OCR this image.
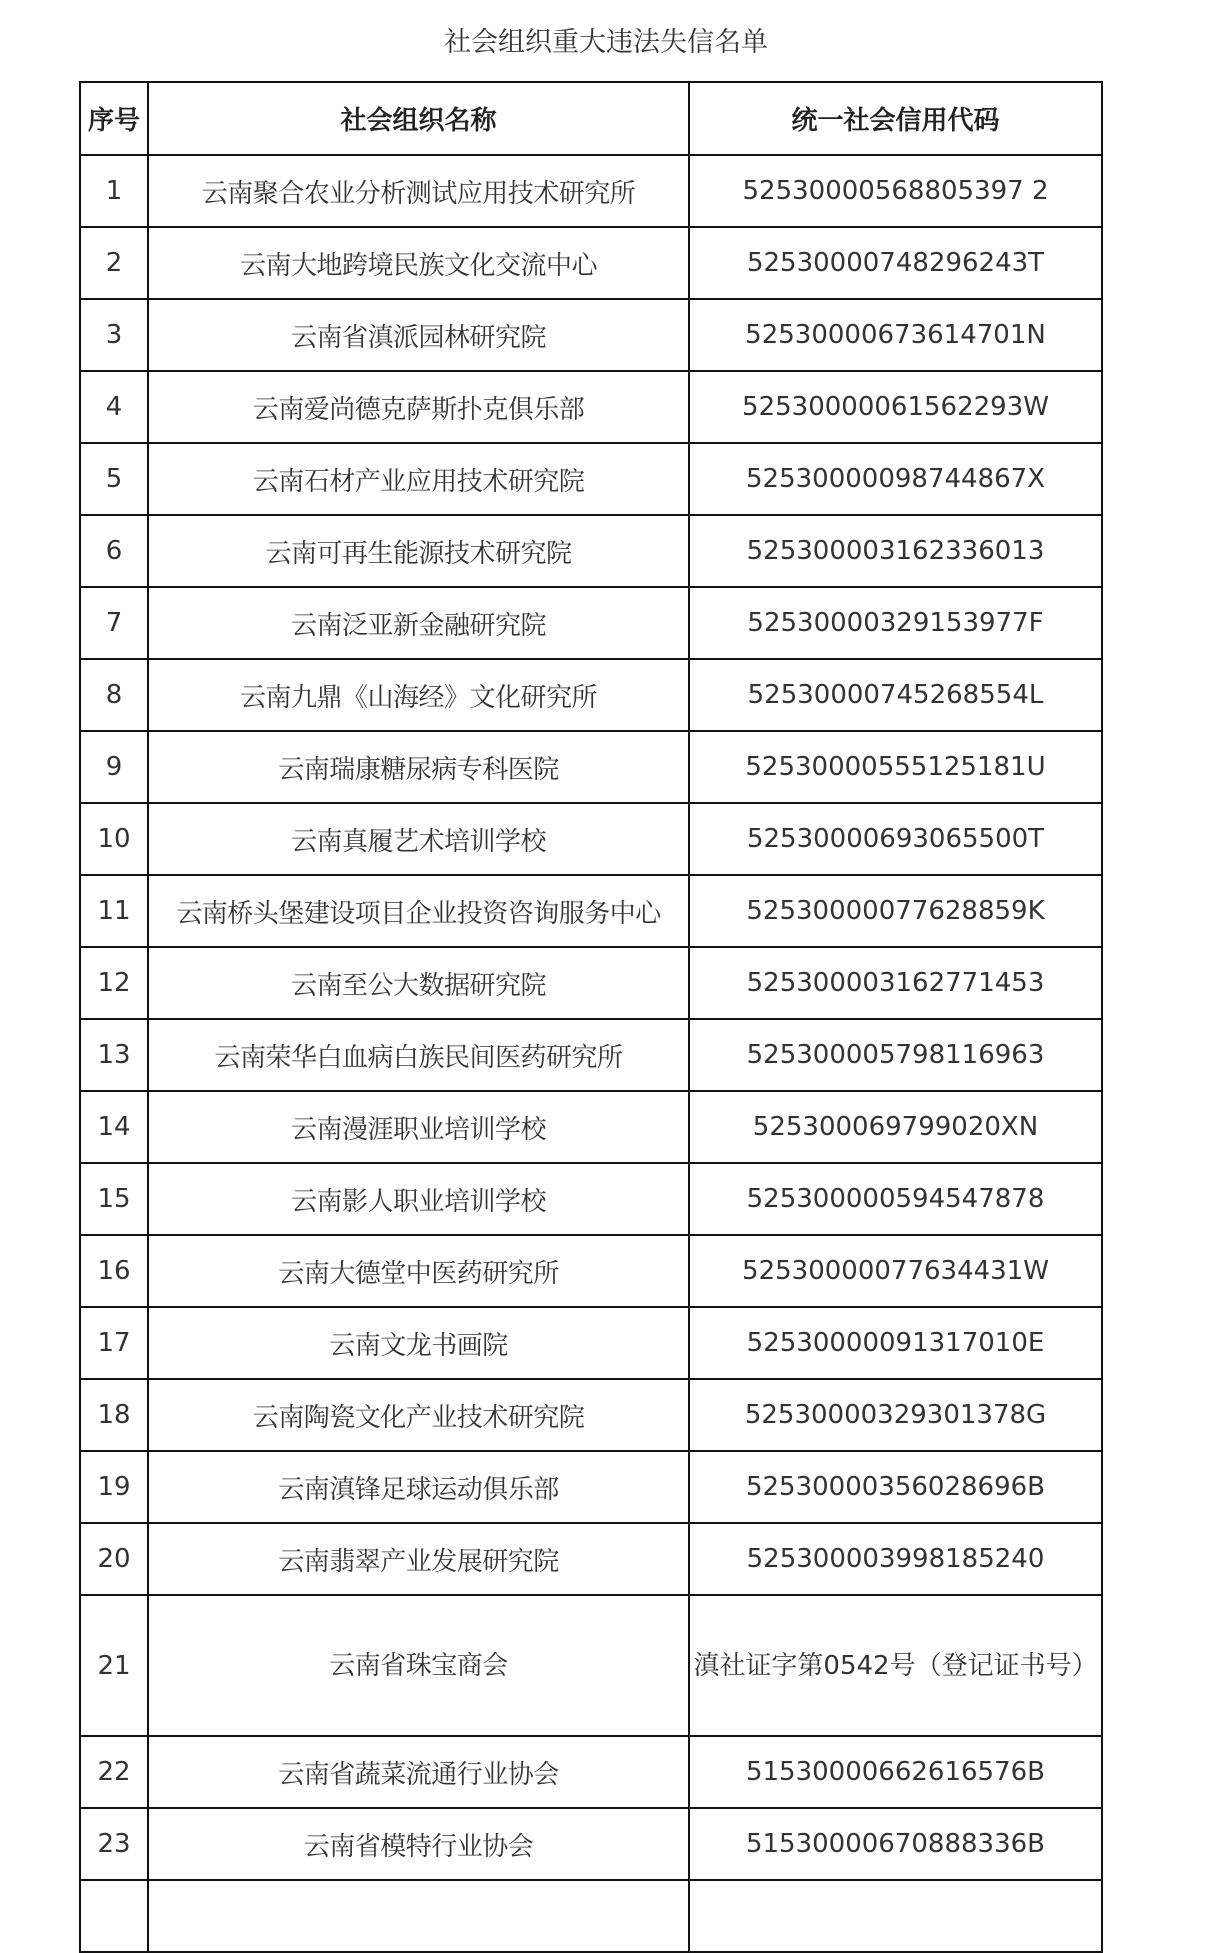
社会组织重大违法失信名单
序号	社会组织名称	统一社会信用代码
1	云南聚合农业分析测试应用技术研究所	52530000568805397 2
2	云南大地跨境民族文化交流中心	52530000748296243T
3	云南省滇派园林研究院	52530000673614701N
4	云南爱尚德克萨斯扑克俱乐部	52530000061562293W
5	云南石材产业应用技术研究院	52530000098744867X
6	云南可再生能源技术研究院	525300003162336013
7	云南泛亚新金融研究院	52530000329153977F
8	云南九鼎《山海经》文化研究所	52530000745268554L
9	云南瑞康糖尿病专科医院	52530000555125181U
10	云南真履艺术培训学校	52530000693065500T
11	云南桥头堡建设项目企业投资咨询服务中心	52530000077628859K
12	云南至公大数据研究院	525300003162771453
13	云南荣华白血病白族民间医药研究所	525300005798116963
14	云南漫涯职业培训学校	525300069799020XN
15	云南影人职业培训学校	525300000594547878
16	云南大德堂中医药研究所	52530000077634431W
17	云南文龙书画院	52530000091317010E
18	云南陶瓷文化产业技术研究院	52530000329301378G
19	云南滇锋足球运动俱乐部	52530000356028696B
20	云南翡翠产业发展研究院	525300003998185240
21	云南省珠宝商会	滇社证字第0542号（登记证书号）
22	云南省蔬菜流通行业协会	51530000662616576B
23	云南省模特行业协会	51530000670888336B
